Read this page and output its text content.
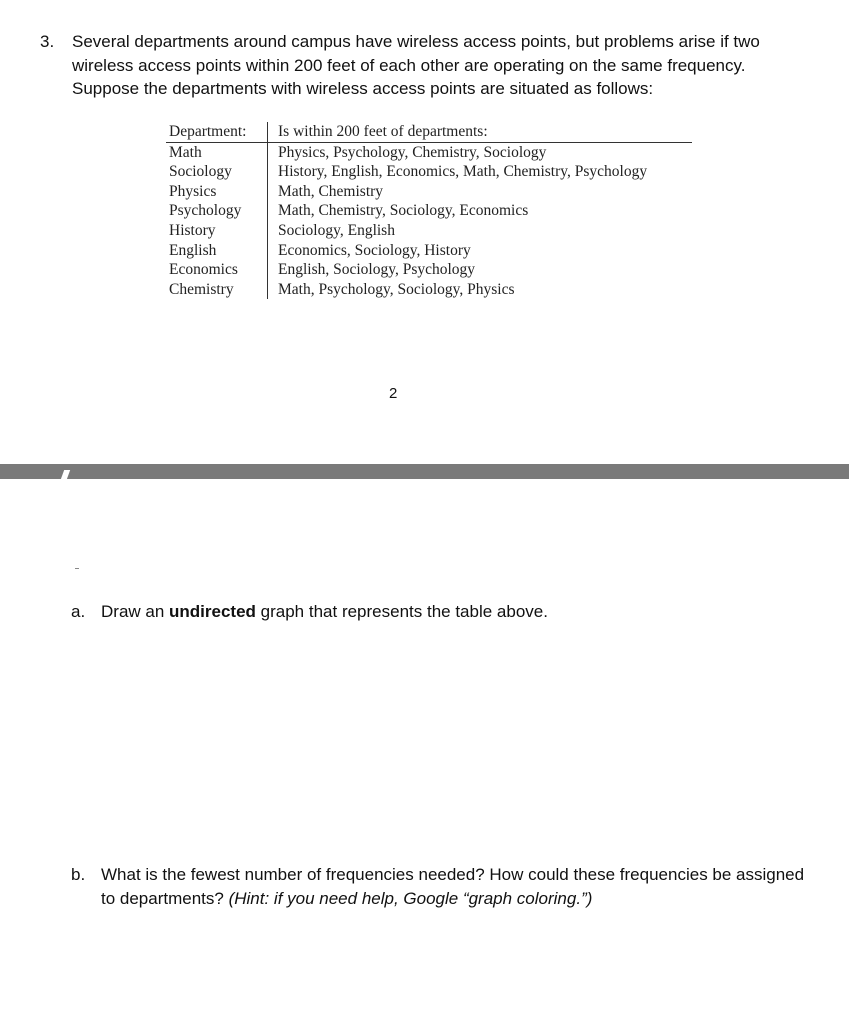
3. Several departments around campus have wireless access points, but problems arise if two wireless access points within 200 feet of each other are operating on the same frequency. Suppose the departments with wireless access points are situated as follows:
Department:	Is within 200 feet of departments:
Math	Physics, Psychology, Chemistry, Sociology
Sociology	History, English, Economics, Math, Chemistry, Psychology
Physics	Math, Chemistry
Psychology	Math, Chemistry, Sociology, Economics
History	Sociology, English
English	Economics, Sociology, History
Economics	English, Sociology, Psychology
Chemistry	Math, Psychology, Sociology, Physics
2
a. Draw an undirected graph that represents the table above.
b. What is the fewest number of frequencies needed? How could these frequencies be assigned to departments? (Hint: if you need help, Google “graph coloring.”)
